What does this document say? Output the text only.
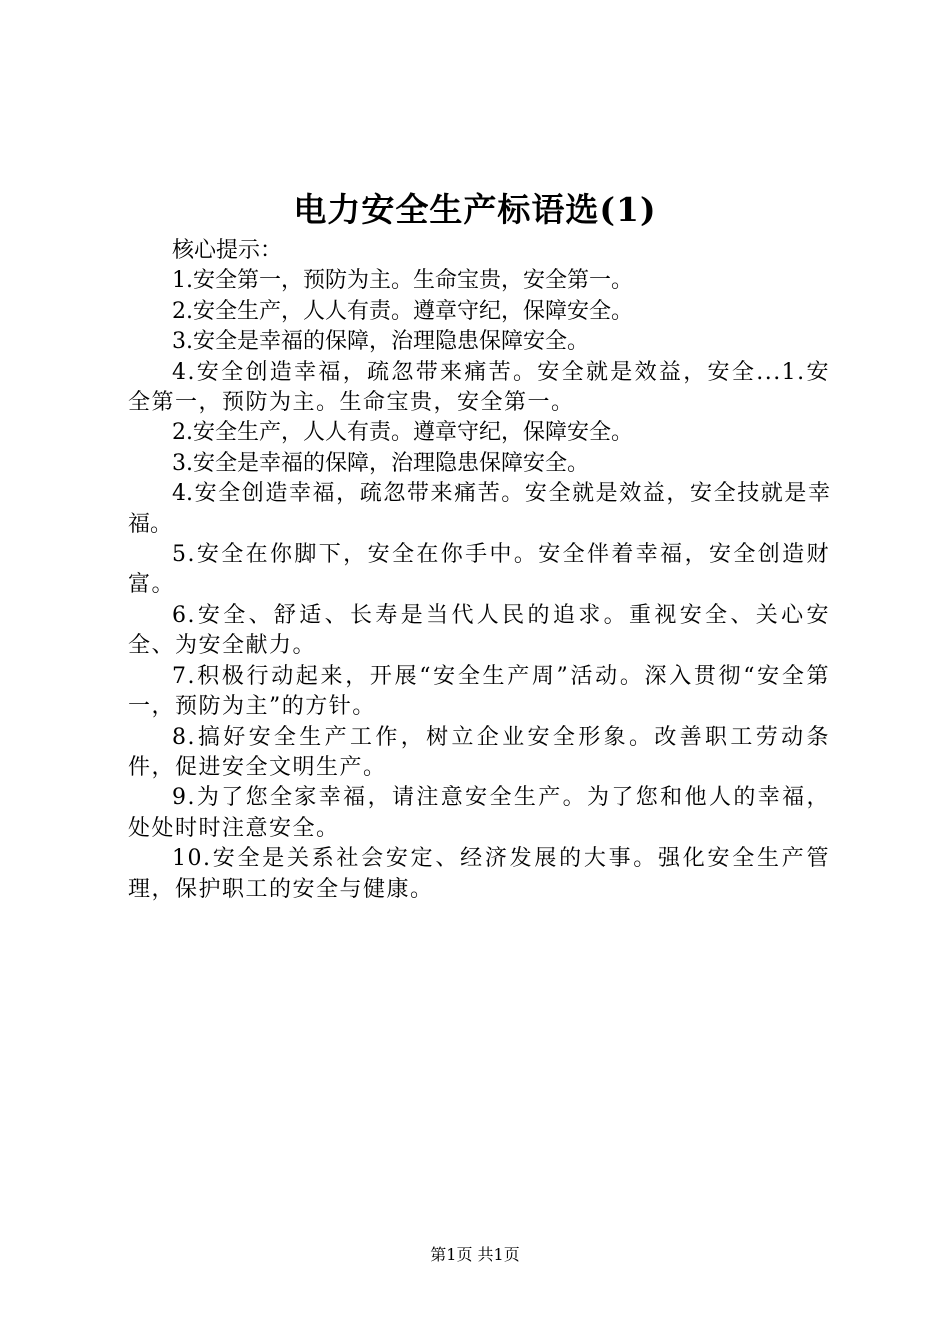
电力安全生产标语选(1)

核心提示：

1.安全第一，预防为主。生命宝贵，安全第一。

2.安全生产，人人有责。遵章守纪，保障安全。

3.安全是幸福的保障，治理隐患保障安全。

4.安全创造幸福，疏忽带来痛苦。安全就是效益，安全...1.安全第一，预防为主。生命宝贵，安全第一。

2.安全生产，人人有责。遵章守纪，保障安全。

3.安全是幸福的保障，治理隐患保障安全。

4.安全创造幸福，疏忽带来痛苦。安全就是效益，安全技就是幸福。

5.安全在你脚下，安全在你手中。安全伴着幸福，安全创造财富。

6.安全、舒适、长寿是当代人民的追求。重视安全、关心安全、为安全献力。

7.积极行动起来，开展“安全生产周”活动。深入贯彻“安全第一，预防为主”的方针。

8.搞好安全生产工作，树立企业安全形象。改善职工劳动条件，促进安全文明生产。

9.为了您全家幸福，请注意安全生产。为了您和他人的幸福，处处时时注意安全。

10.安全是关系社会安定、经济发展的大事。强化安全生产管理，保护职工的安全与健康。

第1页 共1页
